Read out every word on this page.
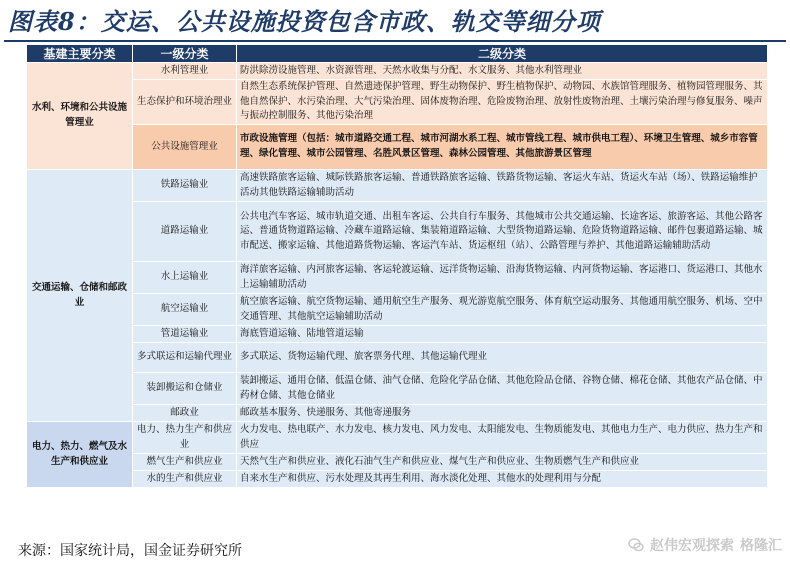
图表8：交运、公共设施投资包含市政、轨交等细分项
基建主要分类	一级分类	二级分类
水利、环境和公共设施管理业	水利管理业	防洪除涝设施管理、水资源管理、天然水收集与分配、水文服务、其他水利管理业
	生态保护和环境治理业	自然生态系统保护管理、自然遗迹保护管理、野生动物保护、野生植物保护、动物园、水族馆管理服务、植物园管理服务、其他自然保护、水污染治理、大气污染治理、固体废物治理、危险废物治理、放射性废物治理、土壤污染治理与修复服务、噪声与振动控制服务、其他污染治理
	公共设施管理业	市政设施管理（包括：城市道路交通工程、城市河湖水系工程、城市管线工程、城市供电工程）、环境卫生管理、城乡市容管理、绿化管理、城市公园管理、名胜风景区管理、森林公园管理、其他旅游景区管理
交通运输、仓储和邮政业	铁路运输业	高速铁路旅客运输、城际铁路旅客运输、普通铁路旅客运输、铁路货物运输、客运火车站、货运火车站（场）、铁路运输维护活动其他铁路运输辅助活动
	道路运输业	公共电汽车客运、城市轨道交通、出租车客运、公共自行车服务、其他城市公共交通运输、长途客运、旅游客运、其他公路客运、普通货物道路运输、冷藏车道路运输、集装箱道路运输、大型货物道路运输、危险货物道路运输、邮件包裹道路运输、城市配送、搬家运输、其他道路货物运输、客运汽车站、货运枢纽（站）、公路管理与养护、其他道路运输辅助活动
	水上运输业	海洋旅客运输、内河旅客运输、客运轮渡运输、远洋货物运输、沿海货物运输、内河货物运输、客运港口、货运港口、其他水上运输辅助活动
	航空运输业	航空旅客运输、航空货物运输、通用航空生产服务、观光游览航空服务、体育航空运动服务、其他通用航空服务、机场、空中交通管理、其他航空运输辅助活动
	管道运输业	海底管道运输、陆地管道运输
	多式联运和运输代理业	多式联运、货物运输代理、旅客票务代理、其他运输代理业
	装卸搬运和仓储业	装卸搬运、通用仓储、低温仓储、油气仓储、危险化学品仓储、其他危险品仓储、谷物仓储、棉花仓储、其他农产品仓储、中药材仓储、其他仓储业
	邮政业	邮政基本服务、快递服务、其他寄递服务
电力、热力、燃气及水生产和供应业	电力、热力生产和供应业	火力发电、热电联产、水力发电、核力发电、风力发电、太阳能发电、生物质能发电、其他电力生产、电力供应、热力生产和供应
	燃气生产和供应业	天然气生产和供应业、液化石油气生产和供应业、煤气生产和供应业、生物质燃气生产和供应业
	水的生产和供应业	自来水生产和供应、污水处理及其再生利用、海水淡化处理、其他水的处理利用与分配
来源：国家统计局，国金证券研究所	赵伟宏观探索 格隆汇
